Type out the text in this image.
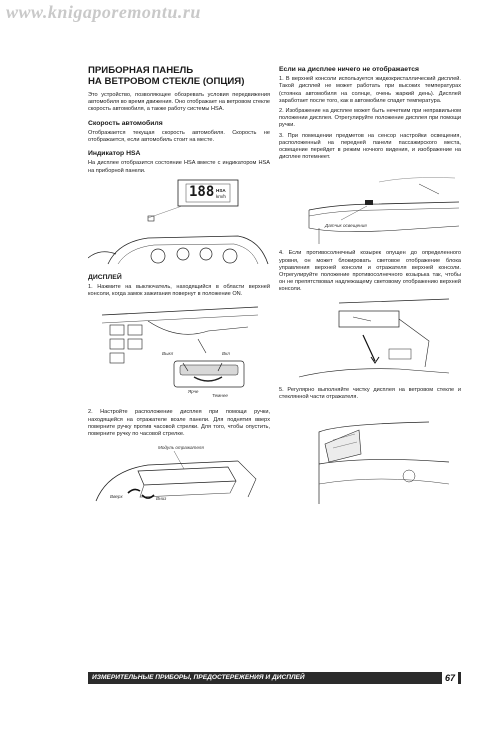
www.knigaporemontu.ru
ПРИБОРНАЯ ПАНЕЛЬ
НА ВЕТРОВОМ СТЕКЛЕ (ОПЦИЯ)

Это устройство, позволяющее обозревать условия передвижения автомобиля во время движения. Оно отображает на ветровом стекле скорость автомобиля, а также работу системы HSA.

Скорость автомобиля

Отображается текущая скорость автомобиля. Скорость не отображается, если автомобиль стоит на месте.

Индикатор HSA

На дисплее отобразится состояние HSA вместе с индикатором HSA на приборной панели.

188 HSA
km/h
ДИСПЛЕЙ

1. Нажмите на выключатель, находящийся в области верхней консоли, когда замок зажигания повернут в положение ON.

Выкл	Вкл
Ярче
Темнее

2. Настройте расположение дисплея при помощи ручки, находящейся на отражателе возле панели. Для поднятия вверх поверните ручку против часовой стрелки. Для того, чтобы опустить, поверните ручку по часовой стрелке.

Модуль отражателя
Вверх	Вниз
Если на дисплее ничего не отображается

1. В верхней консоли используется жидкокристаллический дисплей. Такой дисплей не может работать при высоких температурах (стоянка автомобиля на солнце, очень жаркий день). Дисплей заработает после того, как в автомобиле спадет температура.

2. Изображение на дисплее может быть нечетким при неправильном положении дисплея. Отрегулируйте положение дисплея при помощи ручки.

3. При помещении предметов на сенсор настройки освещения, расположенный на передней панели пассажирского места, освещение перейдет в режим ночного видения, и изображение на дисплее потемнеет.

Датчик освещения

4. Если противосолнечный козырек опущен до определенного уровня, он может блокировать световое отображение блока управления верхней консоли и отражателя верхней консоли. Отрегулируйте положение противосолнечного козырька так, чтобы он не препятствовал надлежащему световому отображению верхней консоли.

5. Регулярно выполняйте чистку дисплея на ветровом стекле и стеклянной части отражателя.

ИЗМЕРИТЕЛЬНЫЕ ПРИБОРЫ, ПРЕДОСТЕРЕЖЕНИЯ И ДИСПЛЕЙ	67
